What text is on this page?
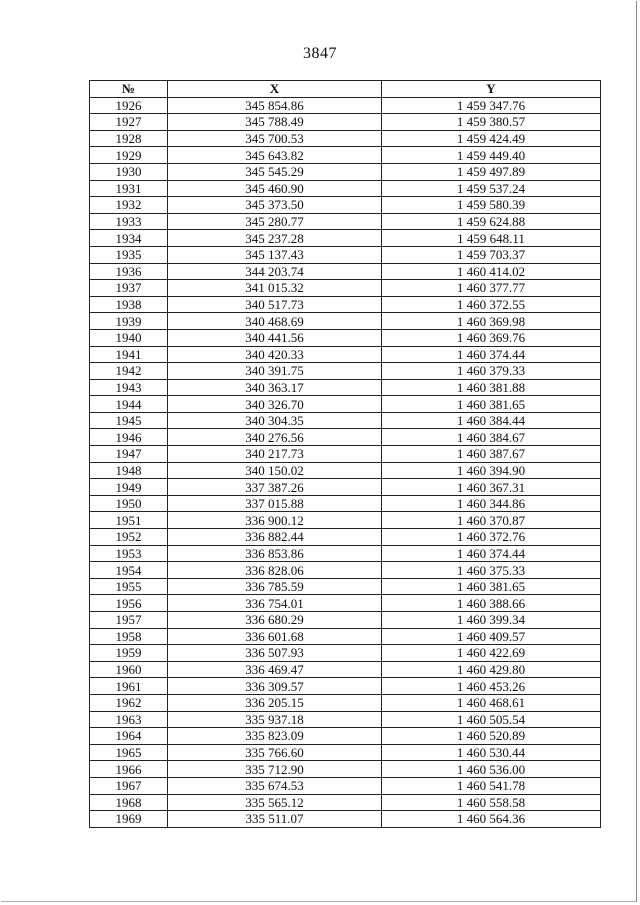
3847
№	X	Y
1926	345 854.86	1 459 347.76
1927	345 788.49	1 459 380.57
1928	345 700.53	1 459 424.49
1929	345 643.82	1 459 449.40
1930	345 545.29	1 459 497.89
1931	345 460.90	1 459 537.24
1932	345 373.50	1 459 580.39
1933	345 280.77	1 459 624.88
1934	345 237.28	1 459 648.11
1935	345 137.43	1 459 703.37
1936	344 203.74	1 460 414.02
1937	341 015.32	1 460 377.77
1938	340 517.73	1 460 372.55
1939	340 468.69	1 460 369.98
1940	340 441.56	1 460 369.76
1941	340 420.33	1 460 374.44
1942	340 391.75	1 460 379.33
1943	340 363.17	1 460 381.88
1944	340 326.70	1 460 381.65
1945	340 304.35	1 460 384.44
1946	340 276.56	1 460 384.67
1947	340 217.73	1 460 387.67
1948	340 150.02	1 460 394.90
1949	337 387.26	1 460 367.31
1950	337 015.88	1 460 344.86
1951	336 900.12	1 460 370.87
1952	336 882.44	1 460 372.76
1953	336 853.86	1 460 374.44
1954	336 828.06	1 460 375.33
1955	336 785.59	1 460 381.65
1956	336 754.01	1 460 388.66
1957	336 680.29	1 460 399.34
1958	336 601.68	1 460 409.57
1959	336 507.93	1 460 422.69
1960	336 469.47	1 460 429.80
1961	336 309.57	1 460 453.26
1962	336 205.15	1 460 468.61
1963	335 937.18	1 460 505.54
1964	335 823.09	1 460 520.89
1965	335 766.60	1 460 530.44
1966	335 712.90	1 460 536.00
1967	335 674.53	1 460 541.78
1968	335 565.12	1 460 558.58
1969	335 511.07	1 460 564.36
